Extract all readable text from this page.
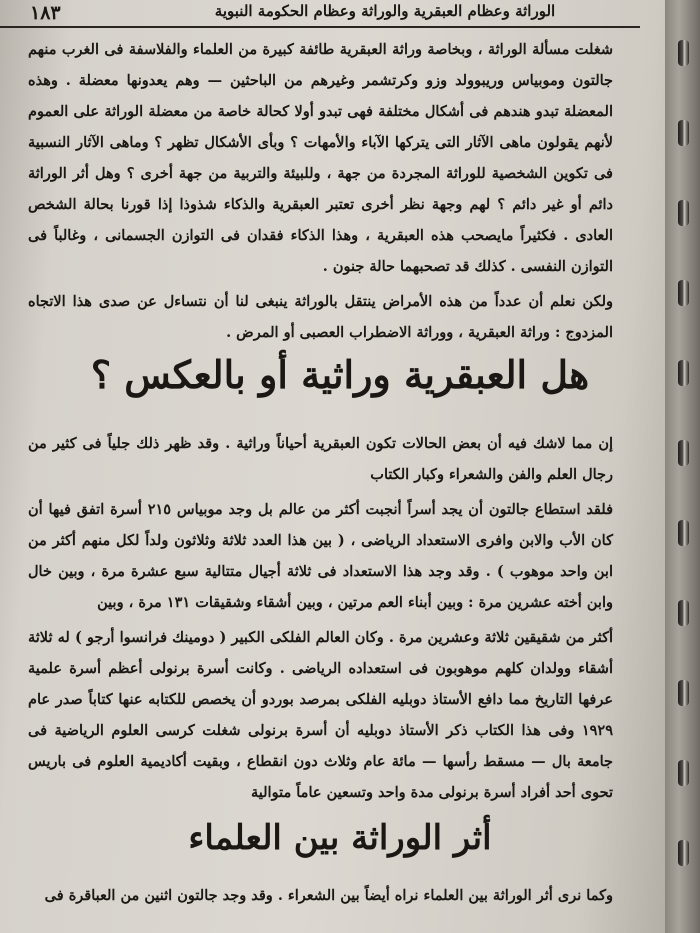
١٨٣	الوراثة وعظام العبقرية والوراثة وعظام الحكومة النبوية
شغلت مسألة الوراثة ، وبخاصة وراثة العبقرية طائفة كبيرة من العلماء والفلاسفة فى الغرب منهم جالتون وموبياس وريبوولد وزو وكرتشمر وغيرهم من الباحثين — وهم يعدونها معضلة . وهذه المعضلة تبدو هندهم فى أشكال مختلفة فهى تبدو أولا كحالة خاصة من معضلة الوراثة على العموم لأنهم يقولون ماهى الآثار التى يتركها الآباء والأمهات ؟ وبأى الأشكال تظهر ؟ وماهى الآثار النسبية فى تكوين الشخصية للوراثة المجردة من جهة ، وللبيئة والتربية من جهة أخرى ؟ وهل أثر الوراثة دائم أو غير دائم ؟ لهم وجهة نظر أخرى تعتبر العبقرية والذكاء شذوذا إذا قورنا بحالة الشخص العادى . فكثيراً مايصحب هذه العبقرية ، وهذا الذكاء فقدان فى التوازن الجسمانى ، وغالباً فى التوازن النفسى . كذلك قد تصحبهما حالة جنون .
ولكن نعلم أن عدداً من هذه الأمراض ينتقل بالوراثة ينبغى لنا أن نتساءل عن صدى هذا الاتجاه المزدوج : وراثة العبقرية ، ووراثة الاضطراب العصبى أو المرض .
هل العبقرية وراثية أو بالعكس ؟
إن مما لاشك فيه أن بعض الحالات تكون العبقرية أحياناً وراثية . وقد ظهر ذلك جلياً فى كثير من رجال العلم والفن والشعراء وكبار الكتاب
فلقد استطاع جالتون أن يجد أسراً أنجبت أكثر من عالم بل وجد موبياس ٢١٥ أسرة اتفق فيها أن كان الأب والابن وافرى الاستعداد الرياضى ، ( بين هذا العدد ثلاثة وثلاثون ولداً لكل منهم أكثر من ابن واحد موهوب ) . وقد وجد هذا الاستعداد فى ثلاثة أجيال متتالية سبع عشرة مرة ، وبين خال وابن أخته عشرين مرة : وبين أبناء العم مرتين ، وبين أشقاء وشقيقات ١٣١ مرة ، وبين
أكثر من شقيقين ثلاثة وعشرين مرة . وكان العالم الفلكى الكبير ( دومينك فرانسوا أرجو ) له ثلاثة أشقاء وولدان كلهم موهوبون فى استعداده الرياضى . وكانت أسرة برنولى أعظم أسرة علمية عرفها التاريخ مما دافع الأستاذ دوبليه الفلكى بمرصد بوردو أن يخصص للكتابه عنها كتاباً صدر عام ١٩٢٩ وفى هذا الكتاب ذكر الأستاذ دوبليه أن أسرة برنولى شغلت كرسى العلوم الرياضية فى جامعة بال — مسقط رأسها — مائة عام وثلاث دون انقطاع ، وبقيت أكاديمية العلوم فى باريس تحوى أحد أفراد أسرة برنولى مدة واحد وتسعين عاماً متوالية
أثر الوراثة بين العلماء
وكما نرى أثر الوراثة بين العلماء نراه أيضاً بين الشعراء . وقد وجد جالتون اثنين من العباقرة فى
